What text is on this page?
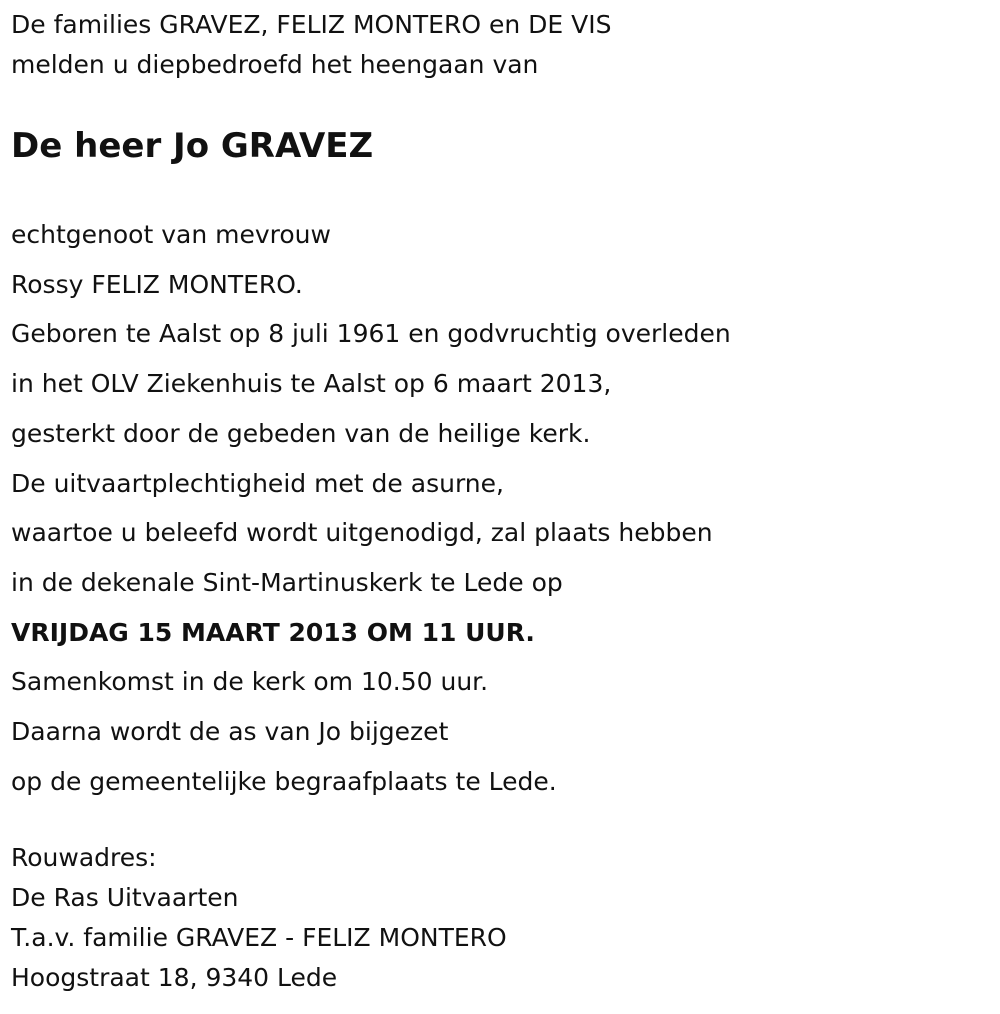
De families GRAVEZ, FELIZ MONTERO en DE VIS
melden u diepbedroefd het heengaan van
De heer Jo GRAVEZ
echtgenoot van mevrouw
Rossy FELIZ MONTERO.
Geboren te Aalst op 8 juli 1961 en godvruchtig overleden
in het OLV Ziekenhuis te Aalst op 6 maart 2013,
gesterkt door de gebeden van de heilige kerk.
De uitvaartplechtigheid met de asurne,
waartoe u beleefd wordt uitgenodigd, zal plaats hebben
in de dekenale Sint-Martinuskerk te Lede op
VRIJDAG 15 MAART 2013 OM 11 UUR.
Samenkomst in de kerk om 10.50 uur.
Daarna wordt de as van Jo bijgezet
op de gemeentelijke begraafplaats te Lede.
Rouwadres:
De Ras Uitvaarten
T.a.v. familie GRAVEZ - FELIZ MONTERO
Hoogstraat 18, 9340 Lede
